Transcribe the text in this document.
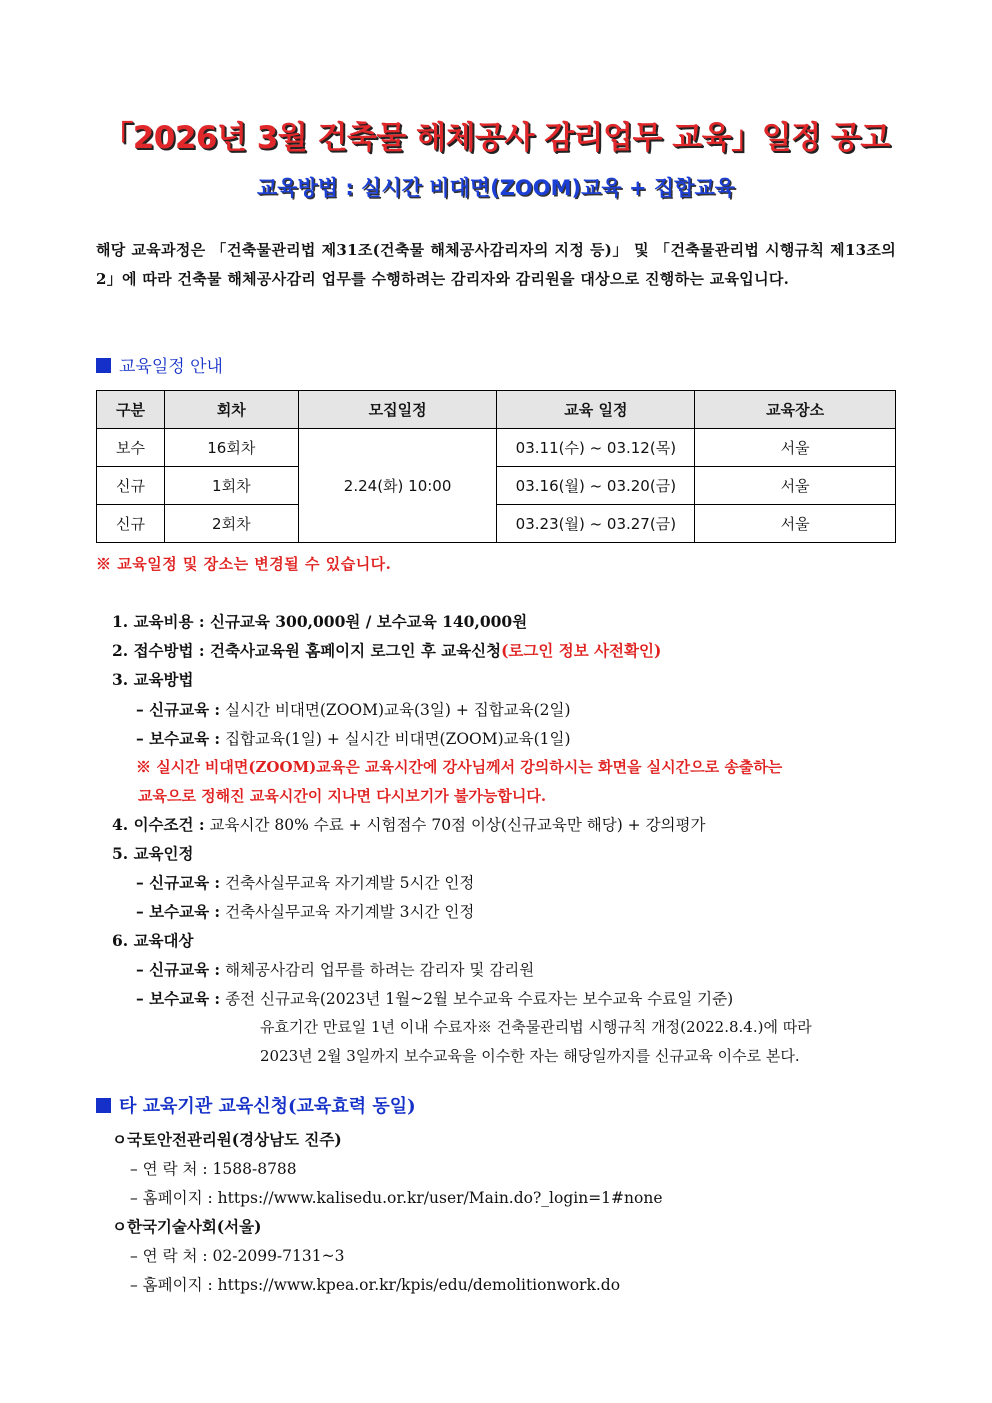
「2026년 3월 건축물 해체공사 감리업무 교육」일정 공고
교육방법 : 실시간 비대면(ZOOM)교육 + 집합교육

해당 교육과정은 「건축물관리법 제31조(건축물 해체공사감리자의 지정 등)」 및 「건축물관리법 시행규칙 제13조의2」에 따라 건축물 해체공사감리 업무를 수행하려는 감리자와 감리원을 대상으로 진행하는 교육입니다.

교육일정 안내
구분	회차	모집일정	교육 일정	교육장소
보수	16회차	2.24(화) 10:00	03.11(수) ~ 03.12(목)	서울
신규	1회차		03.16(월) ~ 03.20(금)	서울
신규	2회차		03.23(월) ~ 03.27(금)	서울
※ 교육일정 및 장소는 변경될 수 있습니다.
1. 교육비용 : 신규교육 300,000원 / 보수교육 140,000원
2. 접수방법 : 건축사교육원 홈페이지 로그인 후 교육신청(로그인 정보 사전확인)
3. 교육방법
– 신규교육 : 실시간 비대면(ZOOM)교육(3일) + 집합교육(2일)
– 보수교육 : 집합교육(1일) + 실시간 비대면(ZOOM)교육(1일)
※ 실시간 비대면(ZOOM)교육은 교육시간에 강사님께서 강의하시는 화면을 실시간으로 송출하는
교육으로 정해진 교육시간이 지나면 다시보기가 불가능합니다.
4. 이수조건 : 교육시간 80% 수료 + 시험점수 70점 이상(신규교육만 해당) + 강의평가
5. 교육인정
– 신규교육 : 건축사실무교육 자기계발 5시간 인정
– 보수교육 : 건축사실무교육 자기계발 3시간 인정
6. 교육대상
– 신규교육 : 해체공사감리 업무를 하려는 감리자 및 감리원
– 보수교육 : 종전 신규교육(2023년 1월~2월 보수교육 수료자는 보수교육 수료일 기준)
유효기간 만료일 1년 이내 수료자※ 건축물관리법 시행규칙 개정(2022.8.4.)에 따라
2023년 2월 3일까지 보수교육을 이수한 자는 해당일까지를 신규교육 이수로 본다.
타 교육기관 교육신청(교육효력 동일)
ㅇ국토안전관리원(경상남도 진주)
– 연 락 처 : 1588-8788
– 홈페이지 : https://www.kalisedu.or.kr/user/Main.do?_login=1#none
ㅇ한국기술사회(서울)
– 연 락 처 : 02-2099-7131~3
– 홈페이지 : https://www.kpea.or.kr/kpis/edu/demolitionwork.do
